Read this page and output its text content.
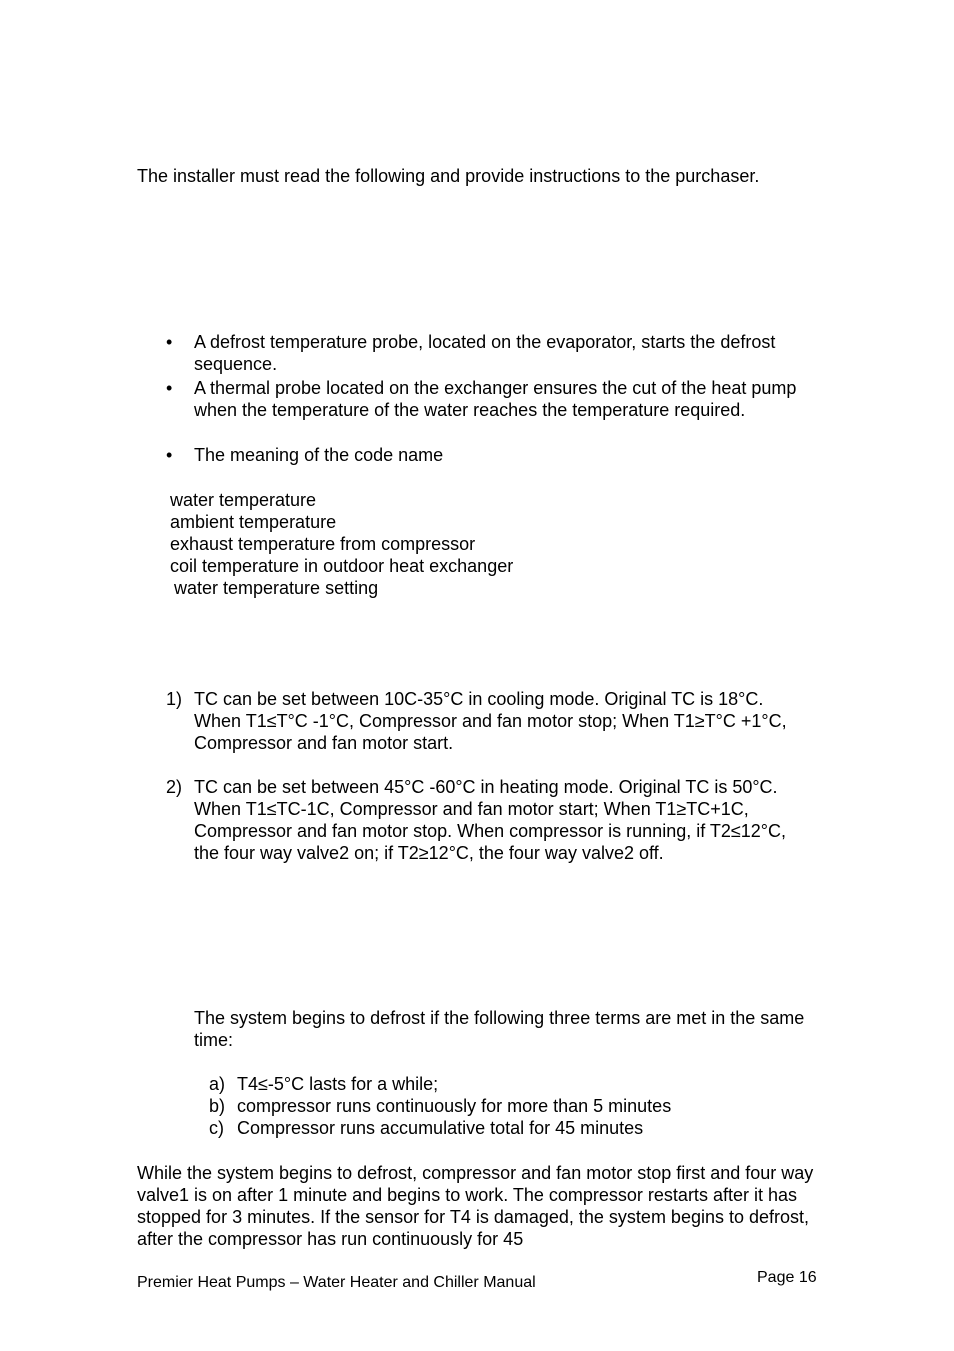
The installer must read the following and provide instructions to the purchaser.

•	A defrost temperature probe, located on the evaporator, starts the defrost sequence.
•	A thermal probe located on the exchanger ensures the cut of the heat pump when the temperature of the water reaches the temperature required.
•	The meaning of the code name
water temperature
ambient temperature
exhaust temperature from compressor
coil temperature in outdoor heat exchanger
water temperature setting
1) TC can be set between 10C-35°C in cooling mode. Original TC is 18°C. When T1≤T°C -1°C, Compressor and fan motor stop; When T1≥T°C +1°C, Compressor and fan motor start.
2) TC can be set between 45°C -60°C in heating mode. Original TC is 50°C. When T1≤TC-1C, Compressor and fan motor start; When T1≥TC+1C, Compressor and fan motor stop. When compressor is running, if T2≤12°C, the four way valve2 on; if T2≥12°C, the four way valve2 off.

The system begins to defrost if the following three terms are met in the same time:

a) T4≤-5°C lasts for a while;
b) compressor runs continuously for more than 5 minutes
c) Compressor runs accumulative total for 45 minutes

While the system begins to defrost, compressor and fan motor stop first and four way valve1 is on after 1 minute and begins to work. The compressor restarts after it has stopped for 3 minutes. If the sensor for T4 is damaged, the system begins to defrost, after the compressor has run continuously for 45

Premier Heat Pumps – Water Heater and Chiller Manual	Page 16
